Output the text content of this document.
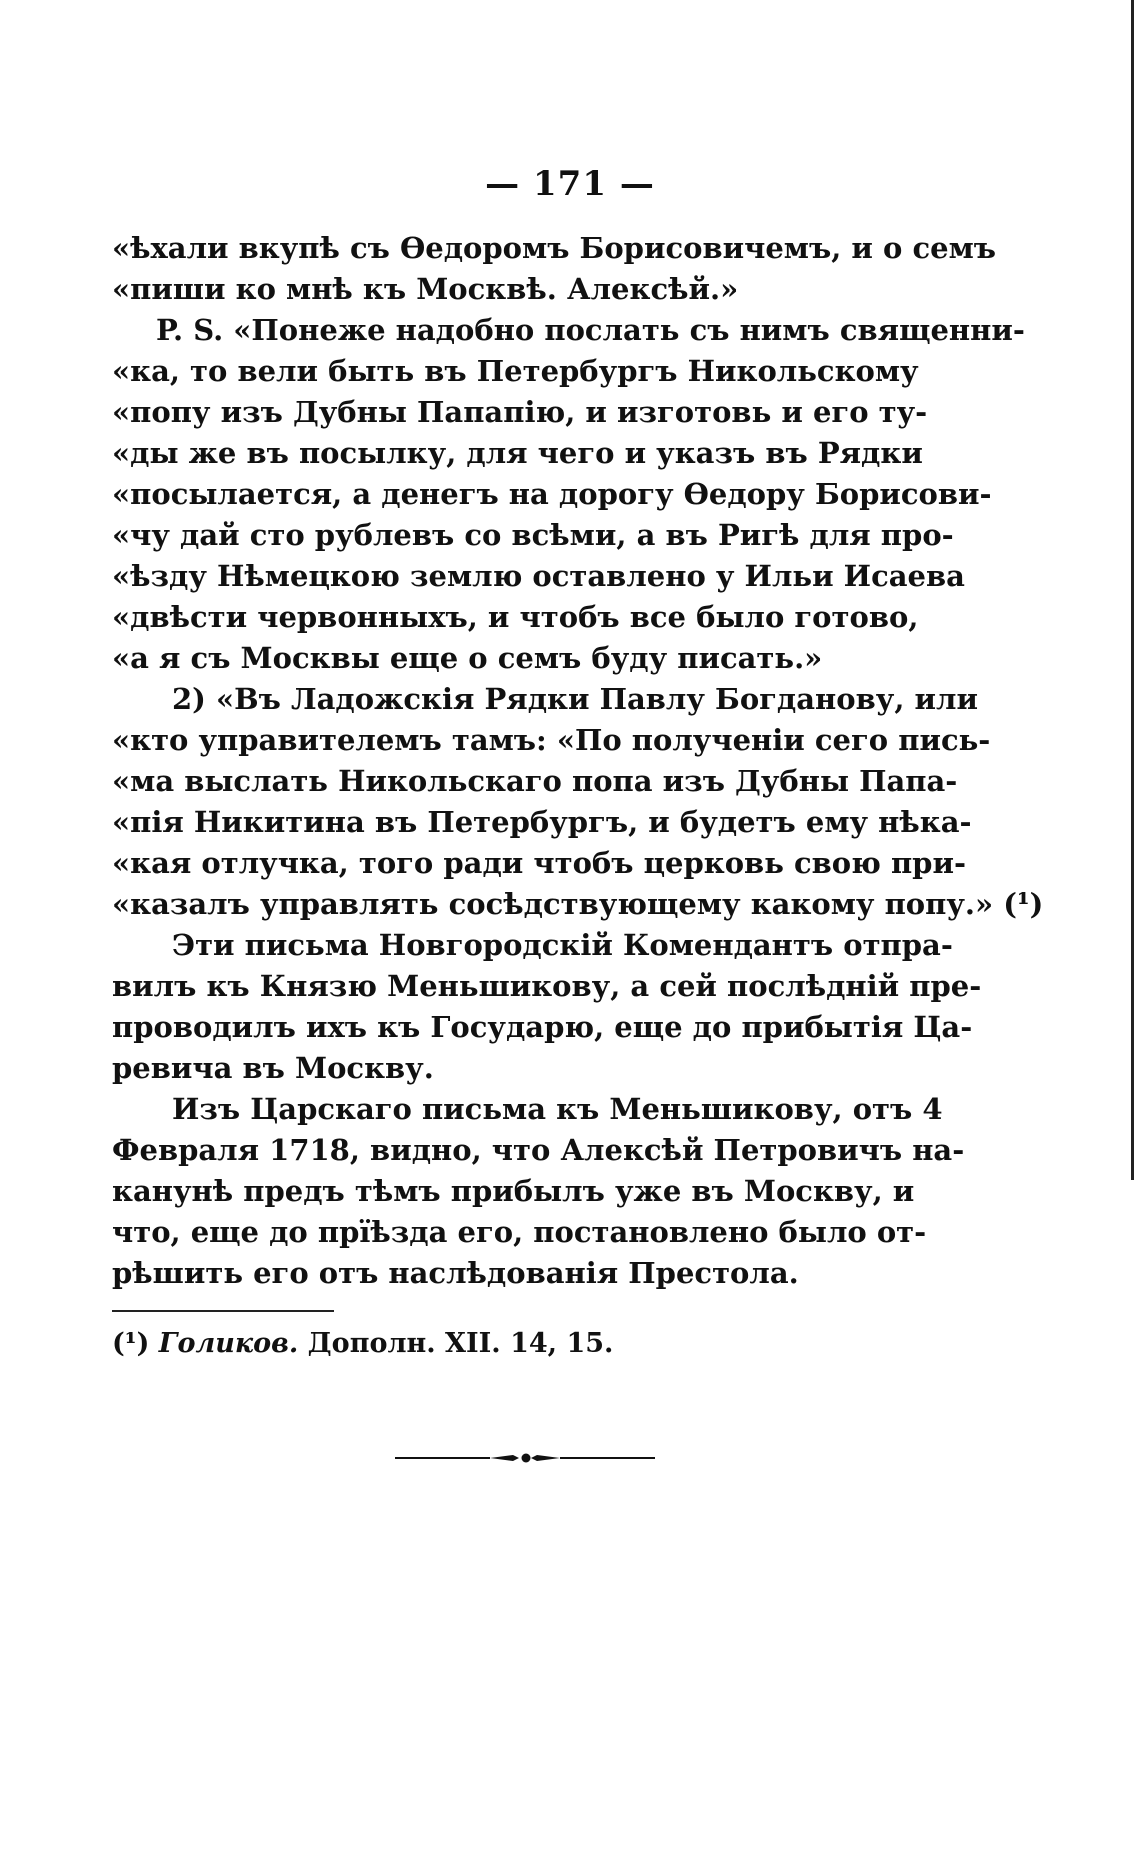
— 171 —
«ѣхали вкупѣ съ Ѳедоромъ Борисовичемъ, и о семъ
«пиши ко мнѣ къ Москвѣ. Алексѣй.»
P. S. «Понеже надобно послать съ нимъ священни-
«ка, то вели быть въ Петербургъ Никольскому
«попу изъ Дубны Папапію, и изготовь и его ту-
«ды же въ посылку, для чего и указъ въ Рядки
«посылается, а денегъ на дорогу Ѳедору Борисови-
«чу дай сто рублевъ со всѣми, а въ Ригѣ для про-
«ѣзду Нѣмецкою землю оставлено у Ильи Исаева
«двѣсти червонныхъ, и чтобъ все было готово,
«а я съ Москвы еще о семъ буду писать.»
2) «Въ Ладожскія Рядки Павлу Богданову, или
«кто управителемъ тамъ: «По полученіи сего пись-
«ма выслать Никольскаго попа изъ Дубны Папа-
«пія Никитина въ Петербургъ, и будетъ ему нѣка-
«кая отлучка, того ради чтобъ церковь свою при-
«казалъ управлять сосѣдствующему какому попу.» (¹)
Эти письма Новгородскій Комендантъ отпра-
вилъ къ Князю Меньшикову, а сей послѣдній пре-
проводилъ ихъ къ Государю, еще до прибытія Ца-
ревича въ Москву.
Изъ Царскаго письма къ Меньшикову, отъ 4
Февраля 1718, видно, что Алексѣй Петровичъ на-
канунѣ предъ тѣмъ прибылъ уже въ Москву, и
что, еще до прїѣзда его, постановлено было от-
рѣшить его отъ наслѣдованія Престола.
(¹) Голиков. Дополн. XII. 14, 15.
